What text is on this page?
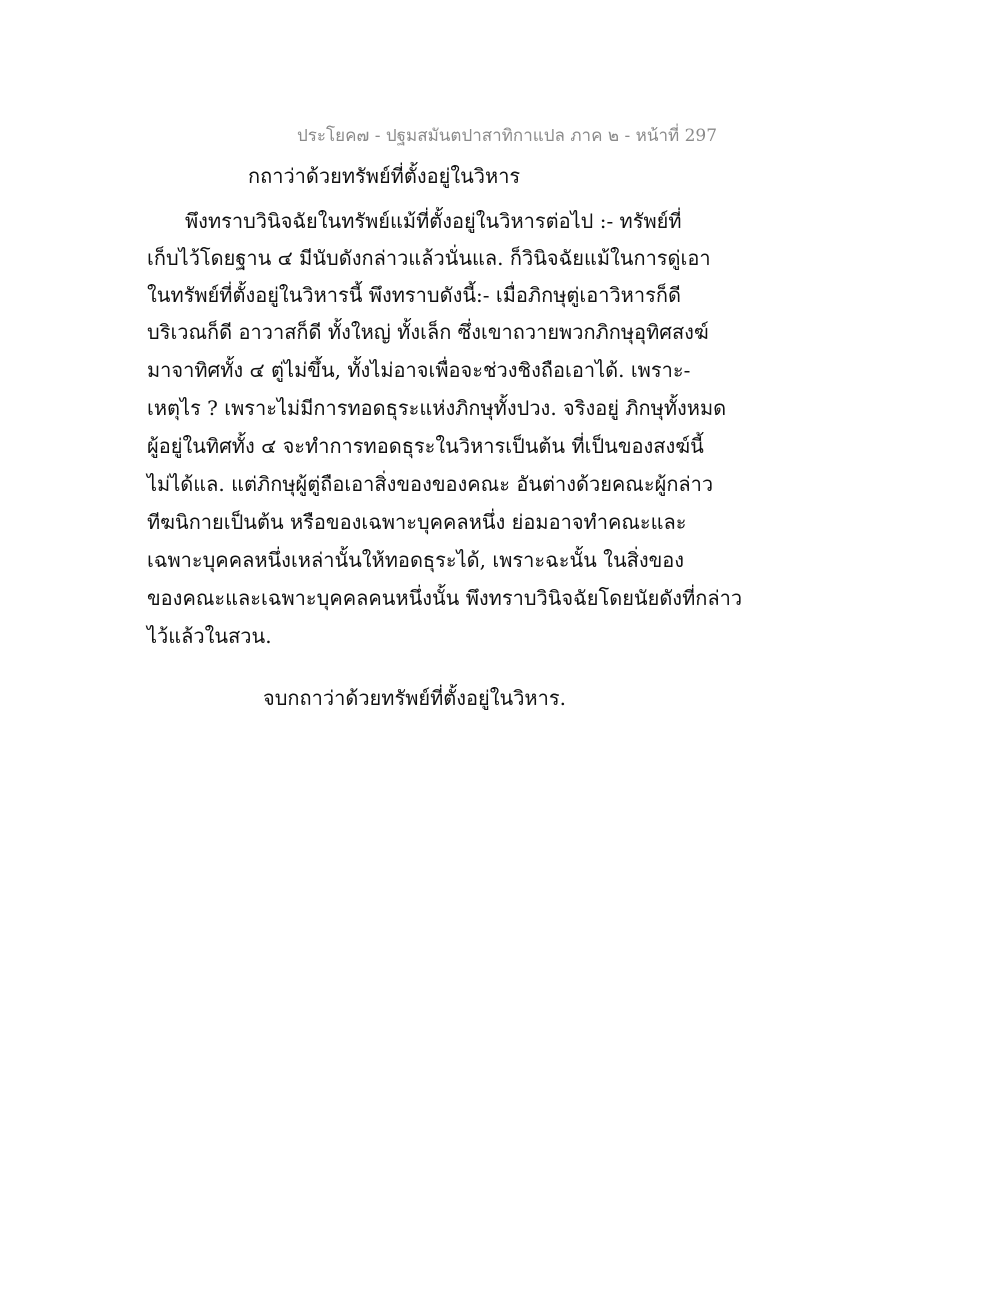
ประโยค๗ - ปฐมสมันตปาสาทิกาแปล ภาค ๒ - หน้าที่ 297
กถาว่าด้วยทรัพย์ที่ตั้งอยู่ในวิหาร
พึงทราบวินิจฉัยในทรัพย์แม้ที่ตั้งอยู่ในวิหารต่อไป :- ทรัพย์ที่
เก็บไว้โดยฐาน ๔ มีนับดังกล่าวแล้วนั่นแล. ก็วินิจฉัยแม้ในการดู่เอา
ในทรัพย์ที่ตั้งอยู่ในวิหารนี้ พึงทราบดังนี้:- เมื่อภิกษุตู่เอาวิหารก็ดี
บริเวณก็ดี อาวาสก็ดี ทั้งใหญ่ ทั้งเล็ก ซึ่งเขาถวายพวกภิกษุอุทิศสงฆ์
มาจาทิศทั้ง ๔ ตู่ไม่ขึ้น, ทั้งไม่อาจเพื่อจะช่วงชิงถือเอาได้. เพราะ-
เหตุไร ? เพราะไม่มีการทอดธุระแห่งภิกษุทั้งปวง. จริงอยู่ ภิกษุทั้งหมด
ผู้อยู่ในทิศทั้ง ๔ จะทำการทอดธุระในวิหารเป็นต้น ที่เป็นของสงฆ์นี้
ไม่ได้แล. แต่ภิกษุผู้ตู่ถือเอาสิ่งของของคณะ อันต่างด้วยคณะผู้กล่าว
ทีฆนิกายเป็นต้น หรือของเฉพาะบุคคลหนึ่ง ย่อมอาจทำคณะและ
เฉพาะบุคคลหนึ่งเหล่านั้นให้ทอดธุระได้, เพราะฉะนั้น ในสิ่งของ
ของคณะและเฉพาะบุคคลคนหนึ่งนั้น พึงทราบวินิจฉัยโดยนัยดังที่กล่าว
ไว้แล้วในสวน.
จบกถาว่าด้วยทรัพย์ที่ตั้งอยู่ในวิหาร.
